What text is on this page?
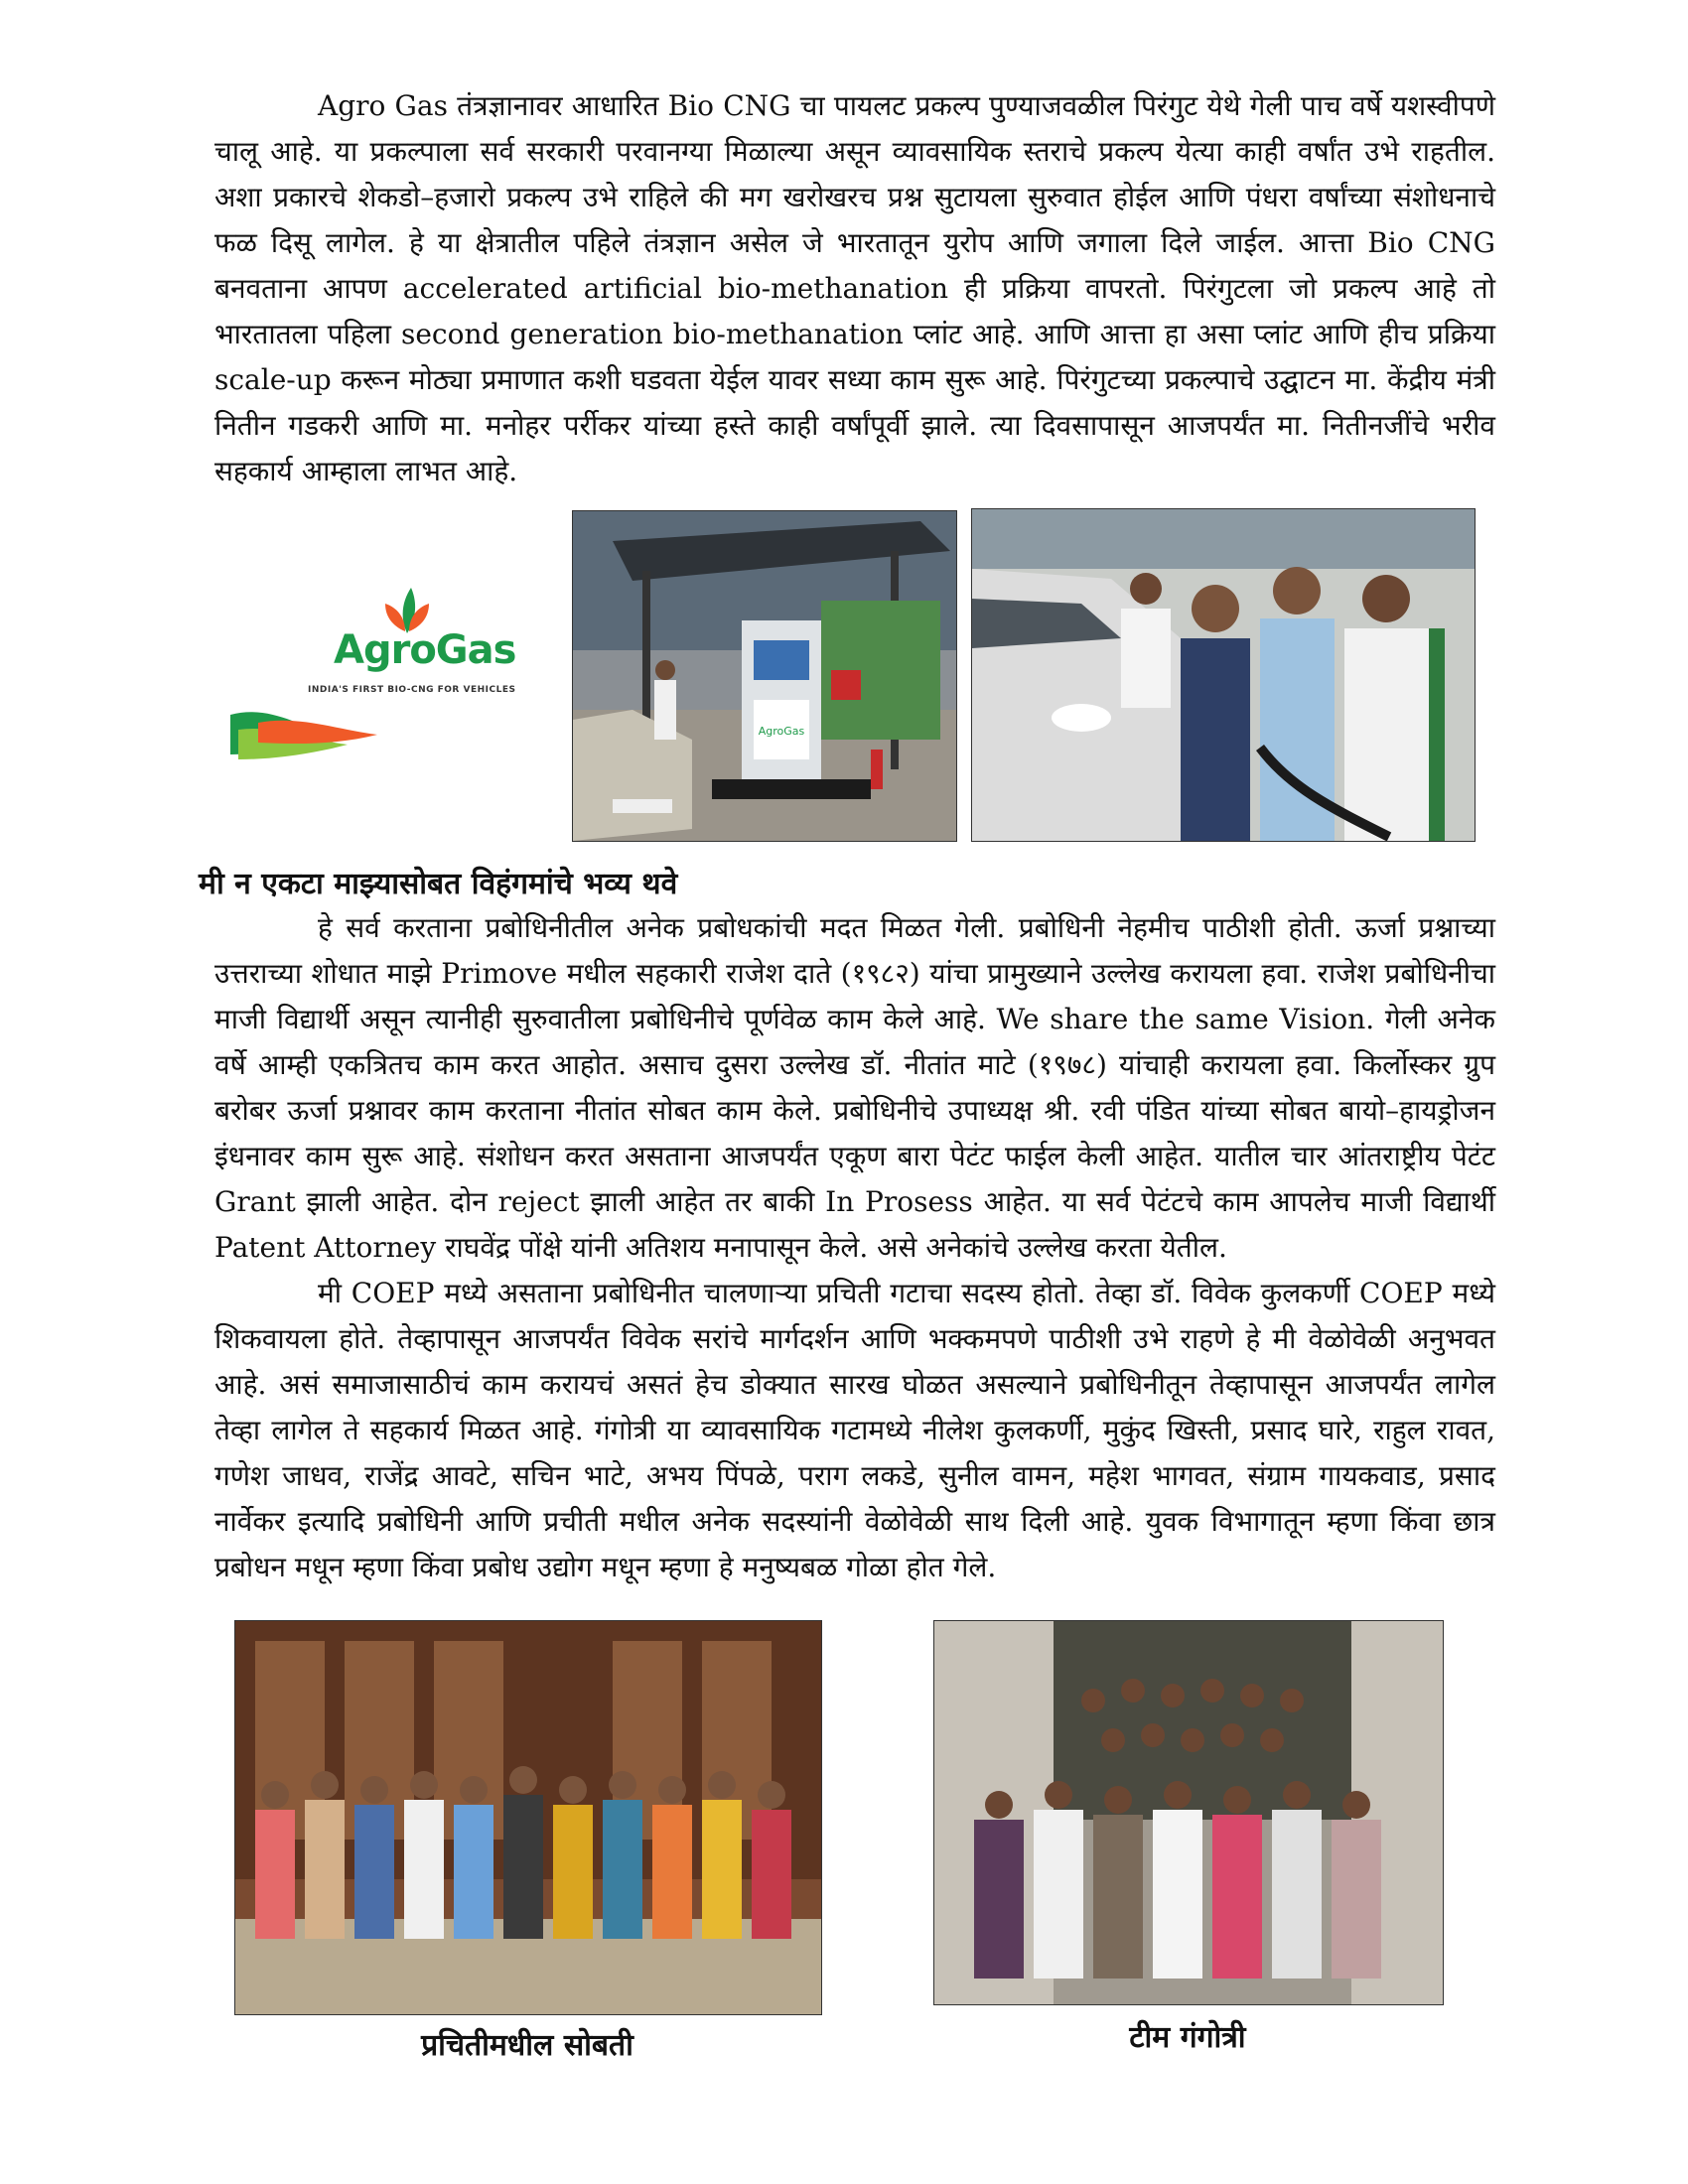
Agro Gas तंत्रज्ञानावर आधारित Bio CNG चा पायलट प्रकल्प पुण्याजवळील पिरंगुट येथे गेली पाच वर्षे यशस्वीपणे चालू आहे. या प्रकल्पाला सर्व सरकारी परवानग्या मिळाल्या असून व्यावसायिक स्तराचे प्रकल्प येत्या काही वर्षांत उभे राहतील. अशा प्रकारचे शेकडो–हजारो प्रकल्प उभे राहिले की मग खरोखरच प्रश्न सुटायला सुरुवात होईल आणि पंधरा वर्षांच्या संशोधनाचे फळ दिसू लागेल. हे या क्षेत्रातील पहिले तंत्रज्ञान असेल जे भारतातून युरोप आणि जगाला दिले जाईल. आत्ता Bio CNG बनवताना आपण accelerated artificial bio-methanation ही प्रक्रिया वापरतो. पिरंगुटला जो प्रकल्प आहे तो भारतातला पहिला second generation bio-methanation प्लांट आहे. आणि आत्ता हा असा प्लांट आणि हीच प्रक्रिया scale-up करून मोठ्या प्रमाणात कशी घडवता येईल यावर सध्या काम सुरू आहे. पिरंगुटच्या प्रकल्पाचे उद्घाटन मा. केंद्रीय मंत्री नितीन गडकरी आणि मा. मनोहर पर्रीकर यांच्या हस्ते काही वर्षांपूर्वी झाले. त्या दिवसापासून आजपर्यंत मा. नितीनजींचे भरीव सहकार्य आम्हाला लाभत आहे.

AgroGas
INDIA'S FIRST BIO-CNG FOR VEHICLES
AgroGas
मी न एकटा माझ्यासोबत विहंगमांचे भव्य थवे

हे सर्व करताना प्रबोधिनीतील अनेक प्रबोधकांची मदत मिळत गेली. प्रबोधिनी नेहमीच पाठीशी होती. ऊर्जा प्रश्नाच्या उत्तराच्या शोधात माझे Primove मधील सहकारी राजेश दाते (१९८२) यांचा प्रामुख्याने उल्लेख करायला हवा. राजेश प्रबोधिनीचा माजी विद्यार्थी असून त्यानीही सुरुवातीला प्रबोधिनीचे पूर्णवेळ काम केले आहे. We share the same Vision. गेली अनेक वर्षे आम्ही एकत्रितच काम करत आहोत. असाच दुसरा उल्लेख डॉ. नीतांत माटे (१९७८) यांचाही करायला हवा. किर्लोस्कर ग्रुप बरोबर ऊर्जा प्रश्नावर काम करताना नीतांत सोबत काम केले. प्रबोधिनीचे उपाध्यक्ष श्री. रवी पंडित यांच्या सोबत बायो–हायड्रोजन इंधनावर काम सुरू आहे. संशोधन करत असताना आजपर्यंत एकूण बारा पेटंट फाईल केली आहेत. यातील चार आंतराष्ट्रीय पेटंट Grant झाली आहेत. दोन reject झाली आहेत तर बाकी In Prosess आहेत. या सर्व पेटंटचे काम आपलेच माजी विद्यार्थी Patent Attorney राघवेंद्र पोंक्षे यांनी अतिशय मनापासून केले. असे अनेकांचे उल्लेख करता येतील.

मी COEP मध्ये असताना प्रबोधिनीत चालणाऱ्या प्रचिती गटाचा सदस्य होतो. तेव्हा डॉ. विवेक कुलकर्णी COEP मध्ये शिकवायला होते. तेव्हापासून आजपर्यंत विवेक सरांचे मार्गदर्शन आणि भक्कमपणे पाठीशी उभे राहणे हे मी वेळोवेळी अनुभवत आहे. असं समाजासाठीचं काम करायचं असतं हेच डोक्यात सारख घोळत असल्याने प्रबोधिनीतून तेव्हापासून आजपर्यंत लागेल तेव्हा लागेल ते सहकार्य मिळत आहे. गंगोत्री या व्यावसायिक गटामध्ये नीलेश कुलकर्णी, मुकुंद खिस्ती, प्रसाद घारे, राहुल रावत, गणेश जाधव, राजेंद्र आवटे, सचिन भाटे, अभय पिंपळे, पराग लकडे, सुनील वामन, महेश भागवत, संग्राम गायकवाड, प्रसाद नार्वेकर इत्यादि प्रबोधिनी आणि प्रचीती मधील अनेक सदस्यांनी वेळोवेळी साथ दिली आहे. युवक विभागातून म्हणा किंवा छात्र प्रबोधन मधून म्हणा किंवा प्रबोध उद्योग मधून म्हणा हे मनुष्यबळ गोळा होत गेले.

प्रचितीमधील सोबती	टीम गंगोत्री
